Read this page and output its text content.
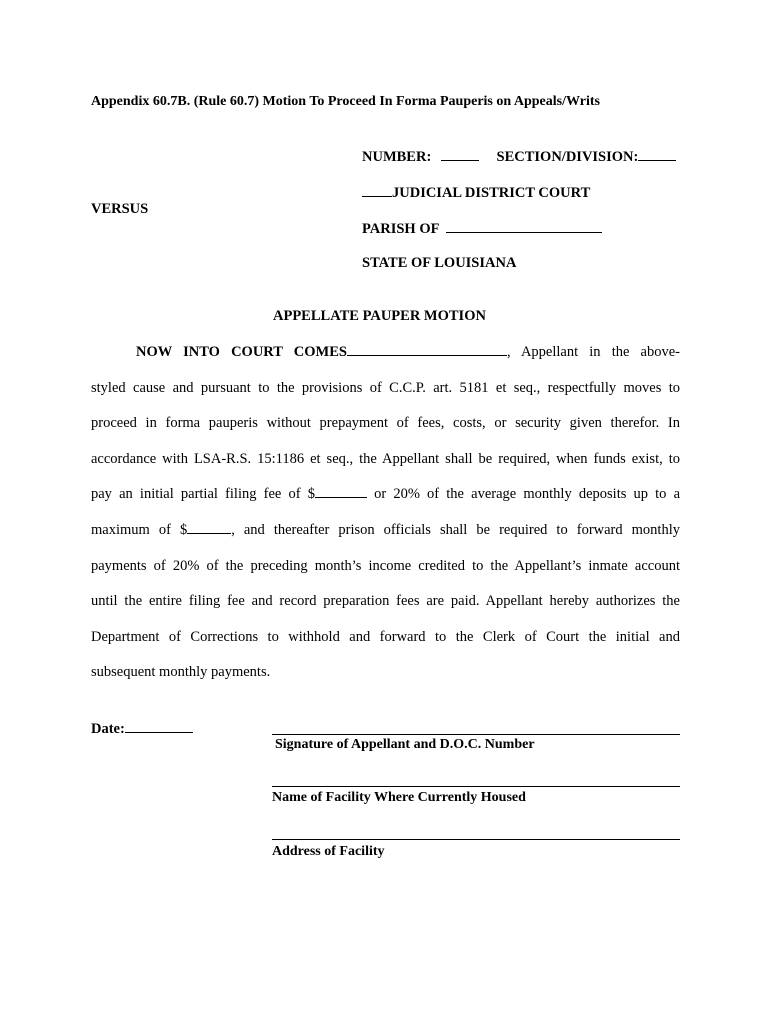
Appendix 60.7B. (Rule 60.7) Motion To Proceed In Forma Pauperis on Appeals/Writs
NUMBER:	SECTION/DIVISION:
JUDICIAL DISTRICT COURT
VERSUS
PARISH OF
STATE OF LOUISIANA
APPELLATE PAUPER MOTION
NOW INTO COURT COMES	, Appellant in the above-
styled cause and pursuant to the provisions of C.C.P. art. 5181 et seq., respectfully moves to
proceed in forma pauperis without prepayment of fees, costs, or security given therefor. In
accordance with LSA-R.S. 15:1186 et seq., the Appellant shall be required, when funds exist, to
pay an initial partial filing fee of $	or 20% of the average monthly deposits up to a
maximum of $	, and thereafter prison officials shall be required to forward monthly
payments of 20% of the preceding month’s income credited to the Appellant’s inmate account
until the entire filing fee and record preparation fees are paid. Appellant hereby authorizes the
Department of Corrections to withhold and forward to the Clerk of Court the initial and
subsequent monthly payments.
Date:
Signature of Appellant and D.O.C. Number
Name of Facility Where Currently Housed
Address of Facility
